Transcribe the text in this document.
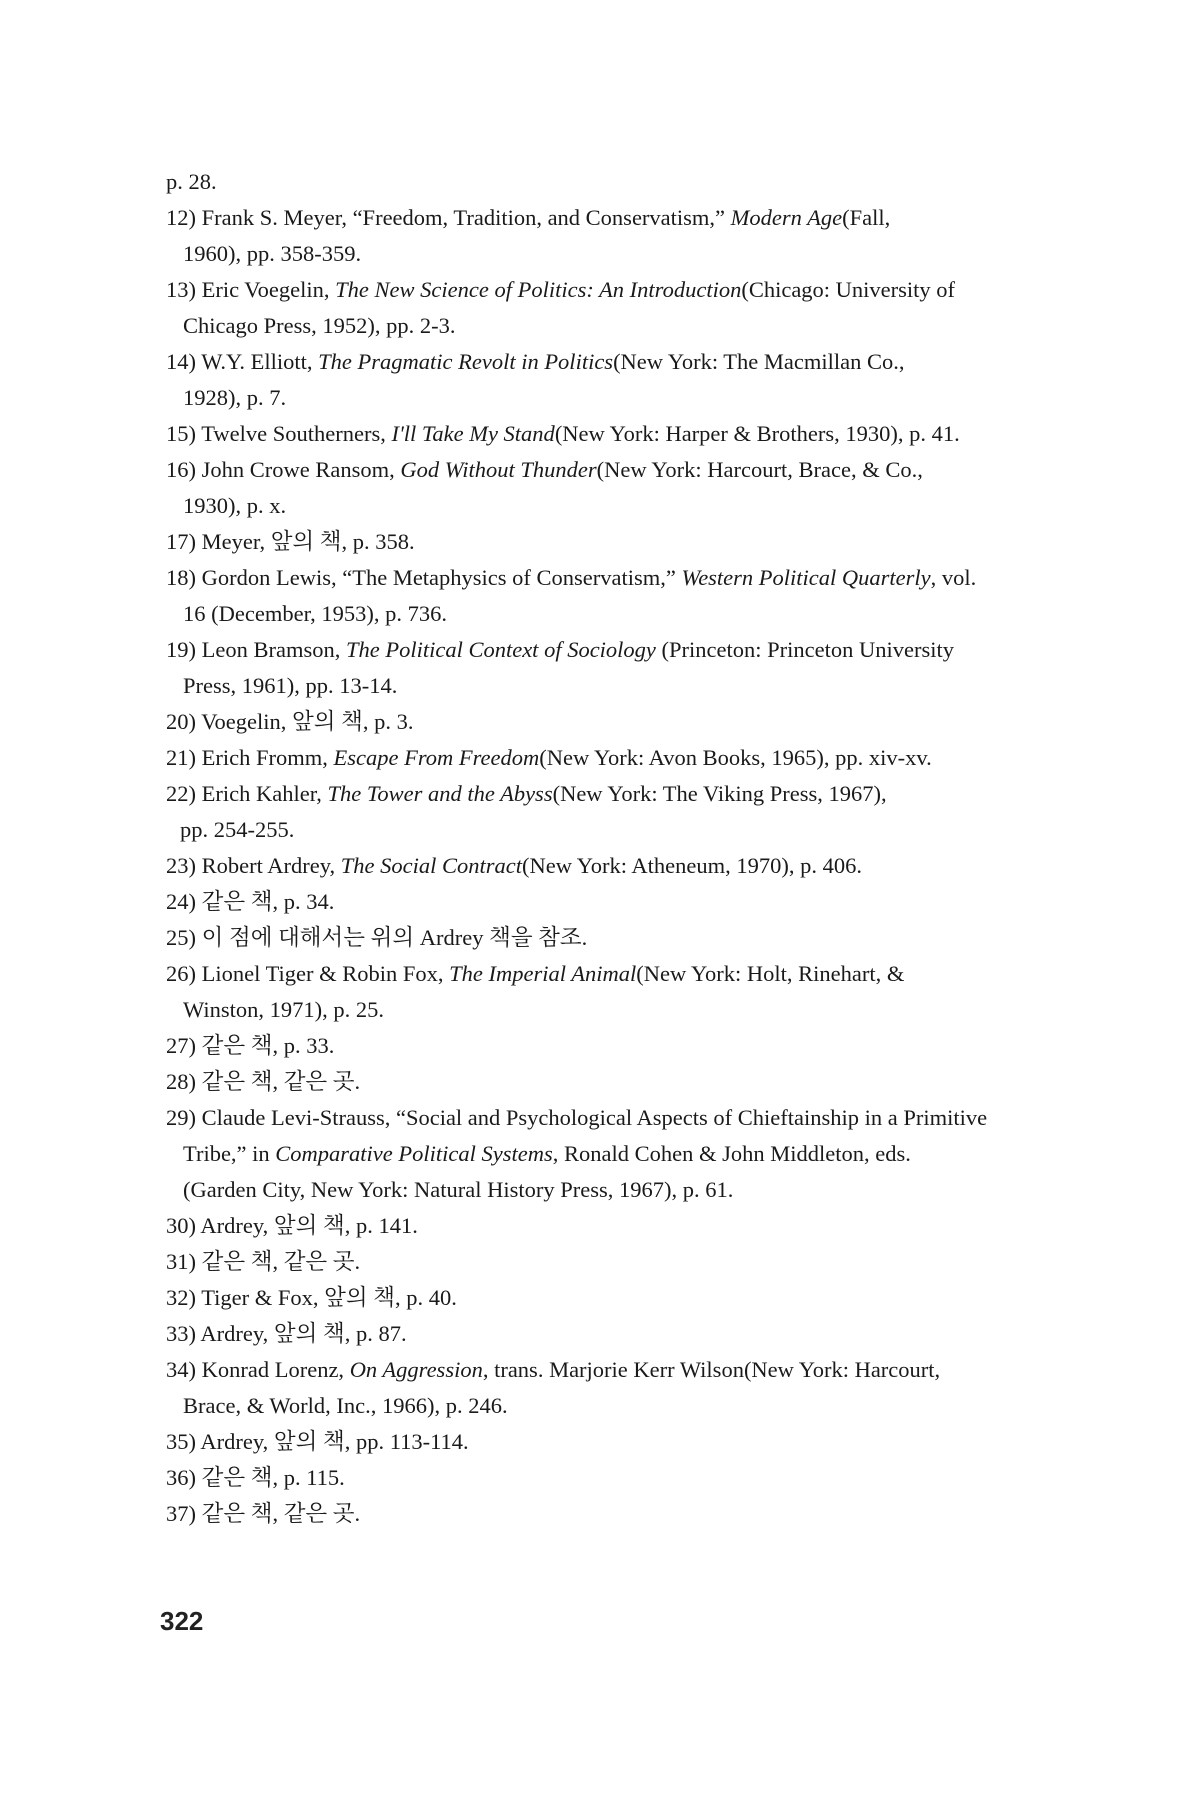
p. 28.
12) Frank S. Meyer, “Freedom, Tradition, and Conservatism,” Modern Age(Fall,
1960), pp. 358-359.
13) Eric Voegelin, The New Science of Politics: An Introduction(Chicago: University of
Chicago Press, 1952), pp. 2-3.
14) W.Y. Elliott, The Pragmatic Revolt in Politics(New York: The Macmillan Co.,
1928), p. 7.
15) Twelve Southerners, I'll Take My Stand(New York: Harper & Brothers, 1930), p. 41.
16) John Crowe Ransom, God Without Thunder(New York: Harcourt, Brace, & Co.,
1930), p. x.
17) Meyer, 앞의 책, p. 358.
18) Gordon Lewis, “The Metaphysics of Conservatism,” Western Political Quarterly, vol.
16 (December, 1953), p. 736.
19) Leon Bramson, The Political Context of Sociology (Princeton: Princeton University
Press, 1961), pp. 13-14.
20) Voegelin, 앞의 책, p. 3.
21) Erich Fromm, Escape From Freedom(New York: Avon Books, 1965), pp. xiv-xv.
22) Erich Kahler, The Tower and the Abyss(New York: The Viking Press, 1967),
pp. 254-255.
23) Robert Ardrey, The Social Contract(New York: Atheneum, 1970), p. 406.
24) 같은 책, p. 34.
25) 이 점에 대해서는 위의 Ardrey 책을 참조.
26) Lionel Tiger & Robin Fox, The Imperial Animal(New York: Holt, Rinehart, &
Winston, 1971), p. 25.
27) 같은 책, p. 33.
28) 같은 책, 같은 곳.
29) Claude Levi-Strauss, “Social and Psychological Aspects of Chieftainship in a Primitive
Tribe,” in Comparative Political Systems, Ronald Cohen & John Middleton, eds.
(Garden City, New York: Natural History Press, 1967), p. 61.
30) Ardrey, 앞의 책, p. 141.
31) 같은 책, 같은 곳.
32) Tiger & Fox, 앞의 책, p. 40.
33) Ardrey, 앞의 책, p. 87.
34) Konrad Lorenz, On Aggression, trans. Marjorie Kerr Wilson(New York: Harcourt,
Brace, & World, Inc., 1966), p. 246.
35) Ardrey, 앞의 책, pp. 113-114.
36) 같은 책, p. 115.
37) 같은 책, 같은 곳.
322
